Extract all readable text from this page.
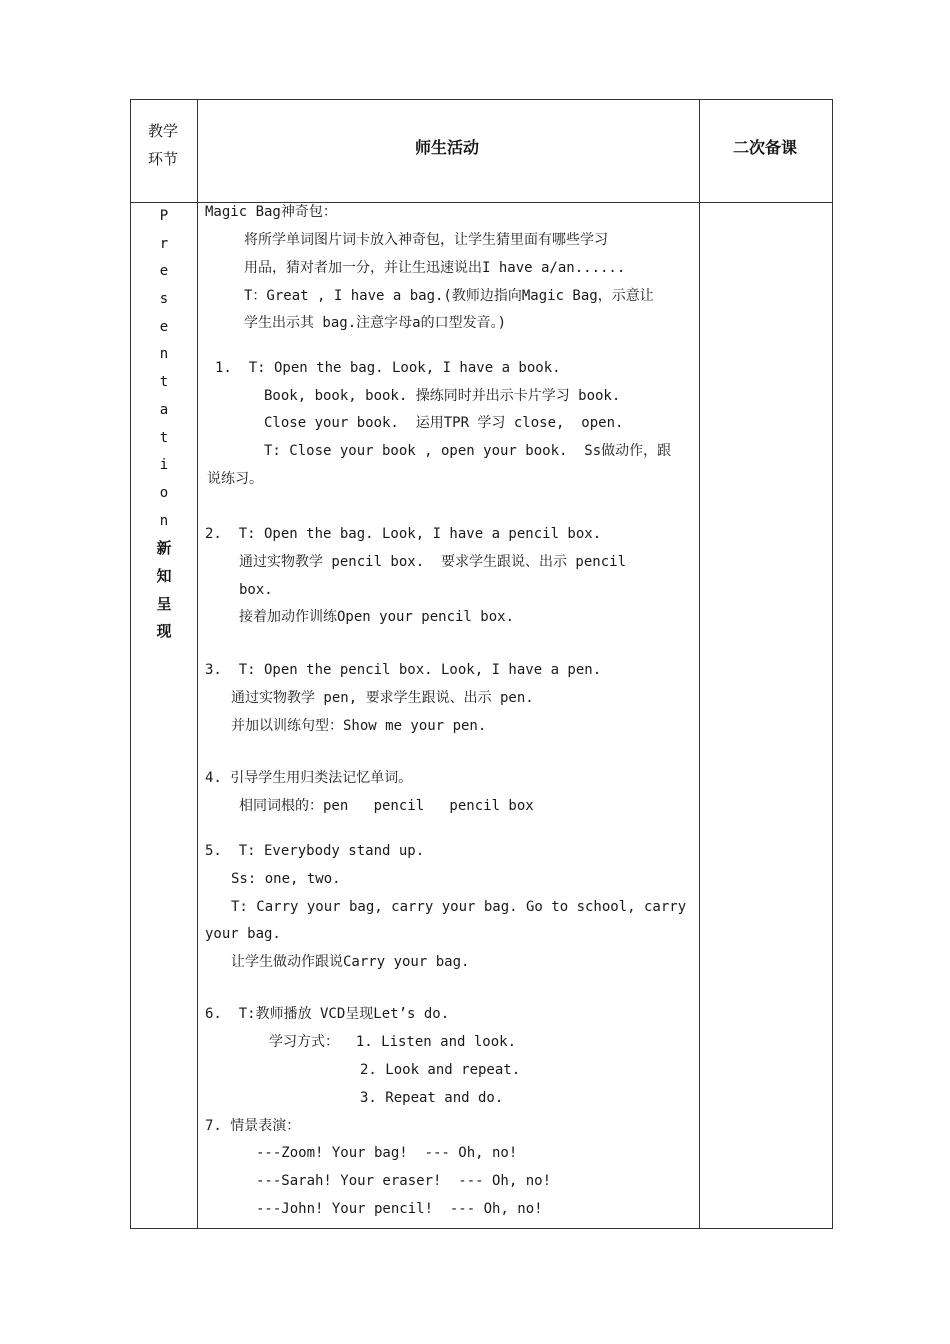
教学
环节
师生活动	二次备课
P
r
e
s
e
n
t
a
t
i
o
n
新
知
呈
现
Magic Bag神奇包：
将所学单词图片词卡放入神奇包，让学生猜里面有哪些学习
用品，猜对者加一分，并让生迅速说出I have a/an......
T：Great , I have a bag.(教师边指向Magic Bag，示意让
学生出示其 bag.注意字母a的口型发音。)
1.  T: Open the bag. Look, I have a book.
Book, book, book. 操练同时并出示卡片学习 book.
Close your book.  运用TPR 学习 close,  open.
T: Close your book , open your book.  Ss做动作，跟
说练习。
2.  T: Open the bag. Look, I have a pencil box.
通过实物教学 pencil box.  要求学生跟说、出示 pencil
box.
接着加动作训练Open your pencil box.
3.  T: Open the pencil box. Look, I have a pen.
通过实物教学 pen, 要求学生跟说、出示 pen.
并加以训练句型：Show me your pen.
4. 引导学生用归类法记忆单词。
相同词根的：pen   pencil   pencil box
5.  T: Everybody stand up.
Ss: one, two.
T: Carry your bag, carry your bag. Go to school, carry
your bag.
让学生做动作跟说Carry your bag.
6.  T:教师播放 VCD呈现Let’s do.
学习方式：  1. Listen and look.
2. Look and repeat.
3. Repeat and do.
7. 情景表演：
---Zoom! Your bag!  --- Oh, no!
---Sarah! Your eraser!  --- Oh, no!
---John! Your pencil!  --- Oh, no!
